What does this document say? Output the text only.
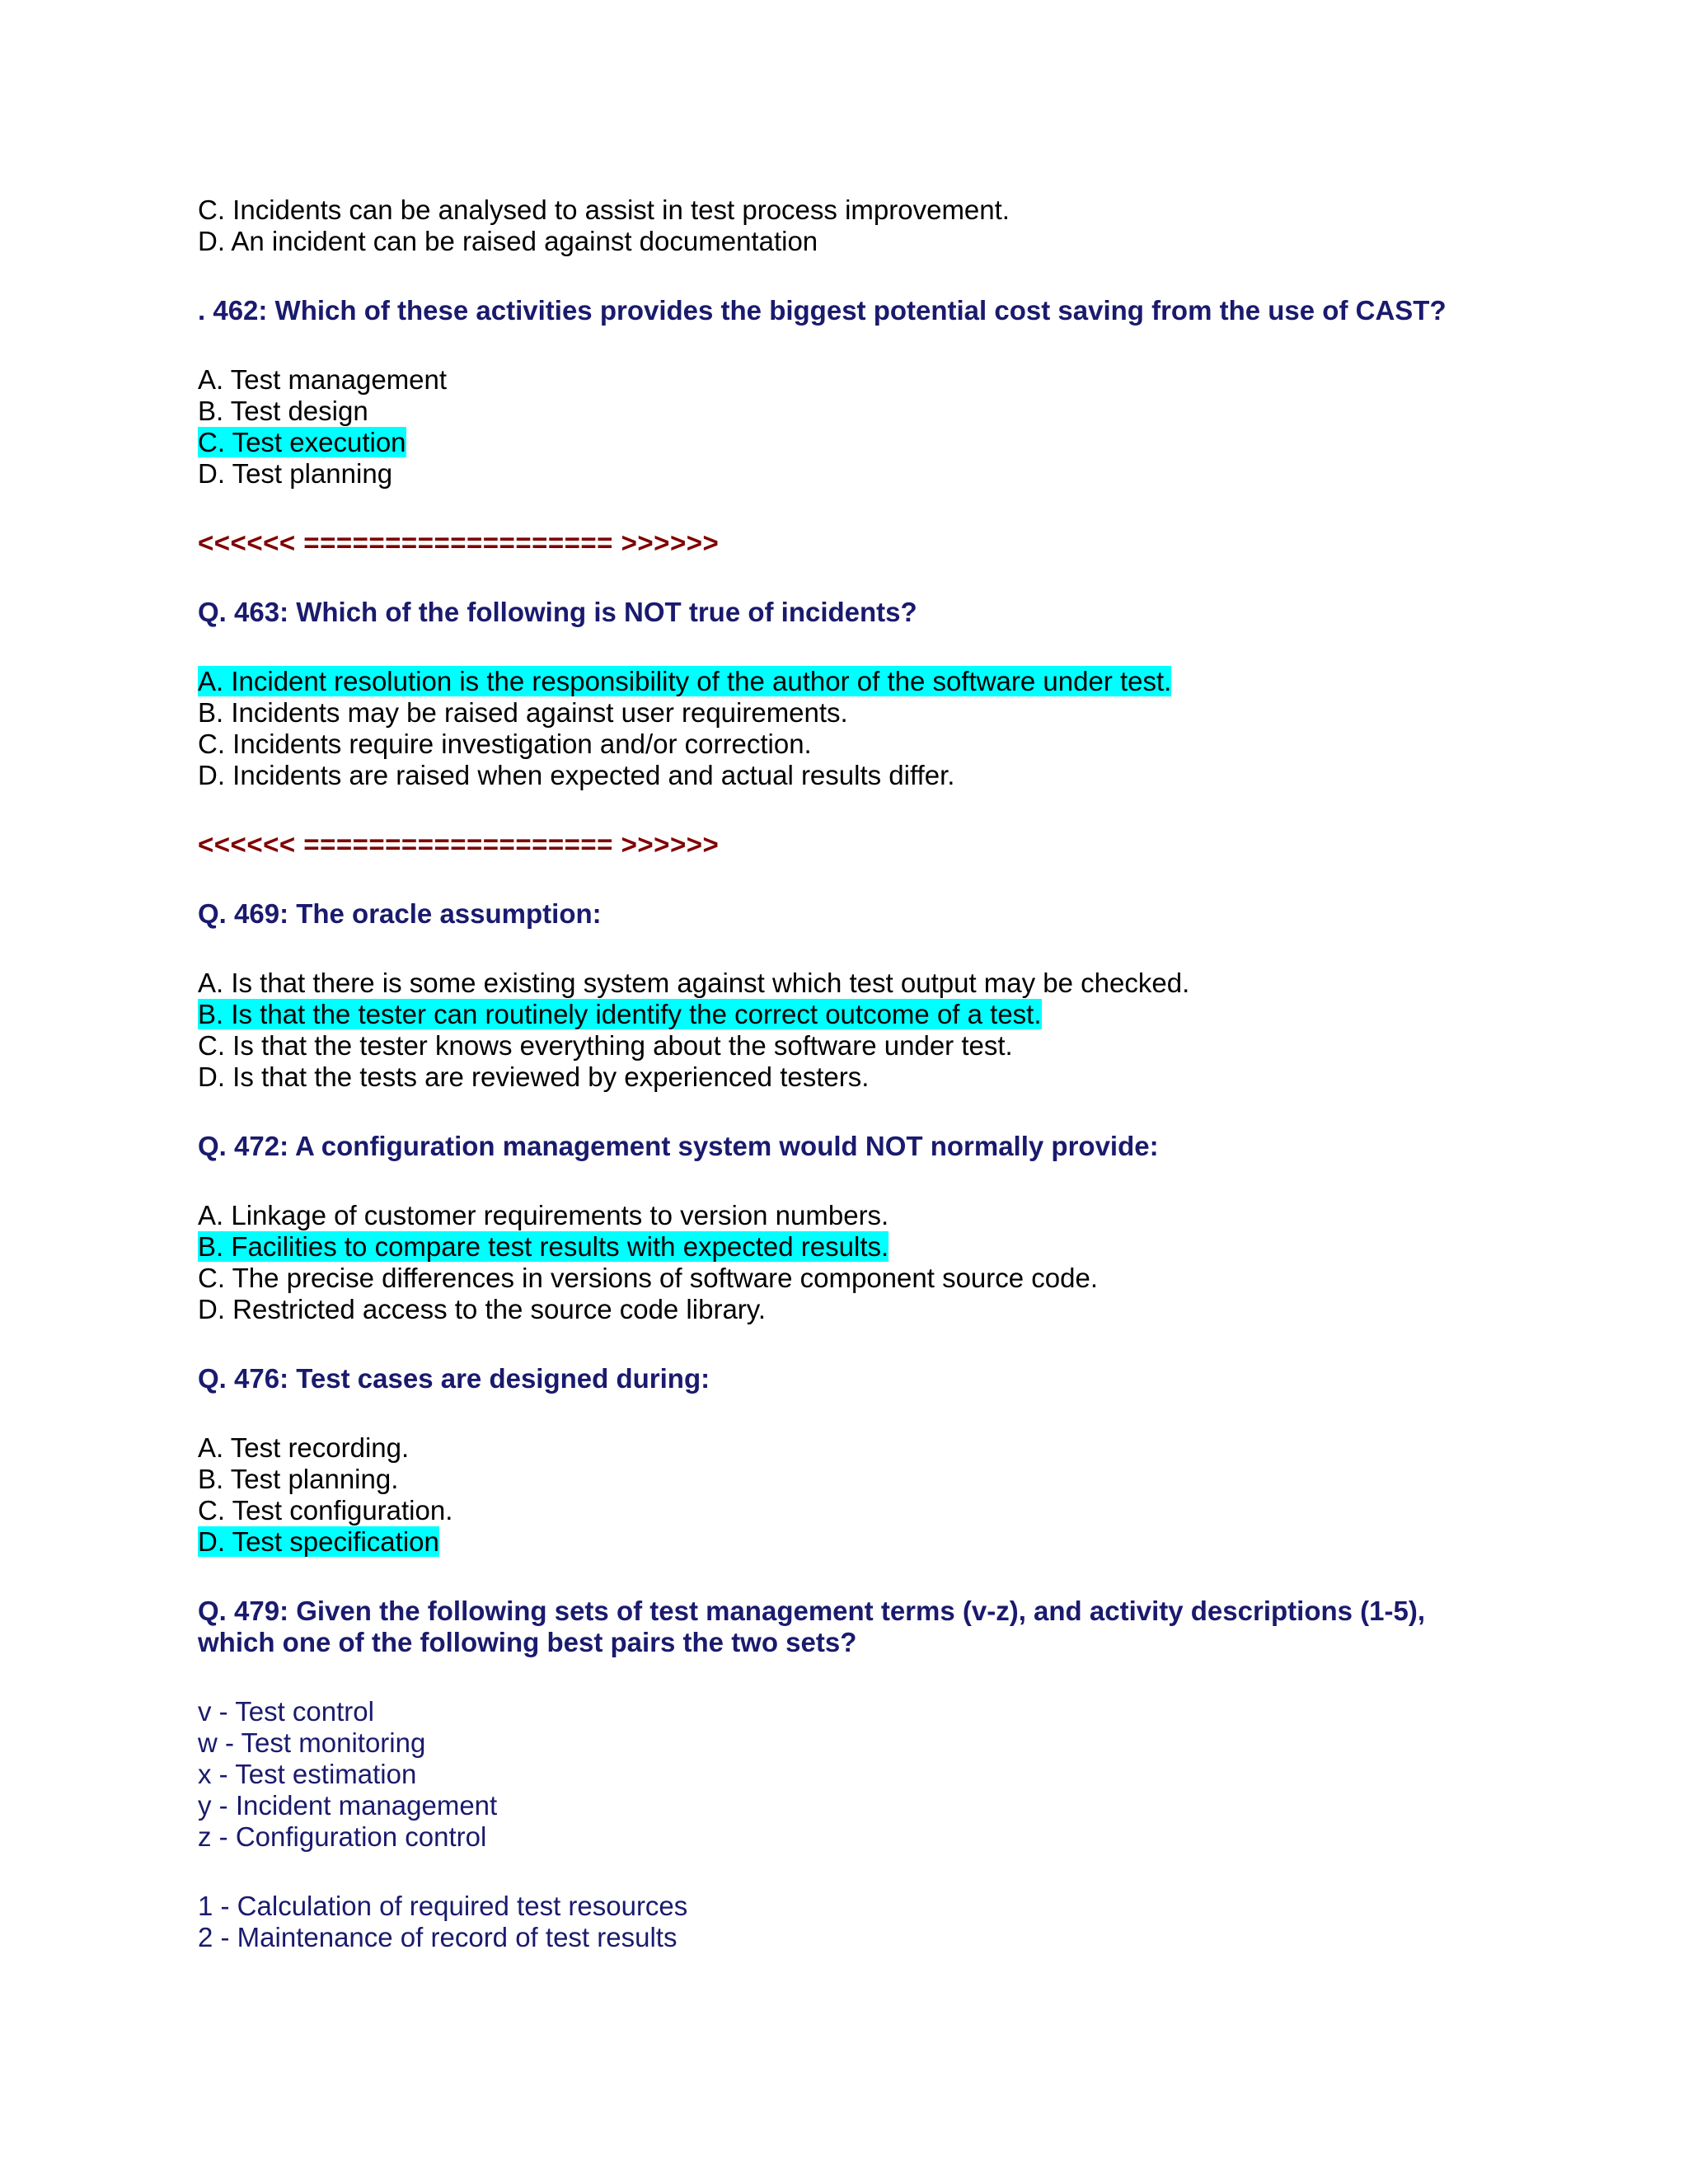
C. Incidents can be analysed to assist in test process improvement.
D. An incident can be raised against documentation
. 462: Which of these activities provides the biggest potential cost saving from the use of CAST?
A. Test management
B. Test design
C. Test execution
D. Test planning
<<<<<< =================== >>>>>>
Q. 463: Which of the following is NOT true of incidents?
A. Incident resolution is the responsibility of the author of the software under test.
B. Incidents may be raised against user requirements.
C. Incidents require investigation and/or correction.
D. Incidents are raised when expected and actual results differ.
<<<<<< =================== >>>>>>
Q. 469: The oracle assumption:
A. Is that there is some existing system against which test output may be checked.
B. Is that the tester can routinely identify the correct outcome of a test.
C. Is that the tester knows everything about the software under test.
D. Is that the tests are reviewed by experienced testers.
Q. 472: A configuration management system would NOT normally provide:
A. Linkage of customer requirements to version numbers.
B. Facilities to compare test results with expected results.
C. The precise differences in versions of software component source code.
D. Restricted access to the source code library.
Q. 476: Test cases are designed during:
A. Test recording.
B. Test planning.
C. Test configuration.
D. Test specification
Q. 479: Given the following sets of test management terms (v-z), and activity descriptions (1-5),
which one of the following best pairs the two sets?
v - Test control
w - Test monitoring
x - Test estimation
y - Incident management
z - Configuration control
1 - Calculation of required test resources
2 - Maintenance of record of test results
